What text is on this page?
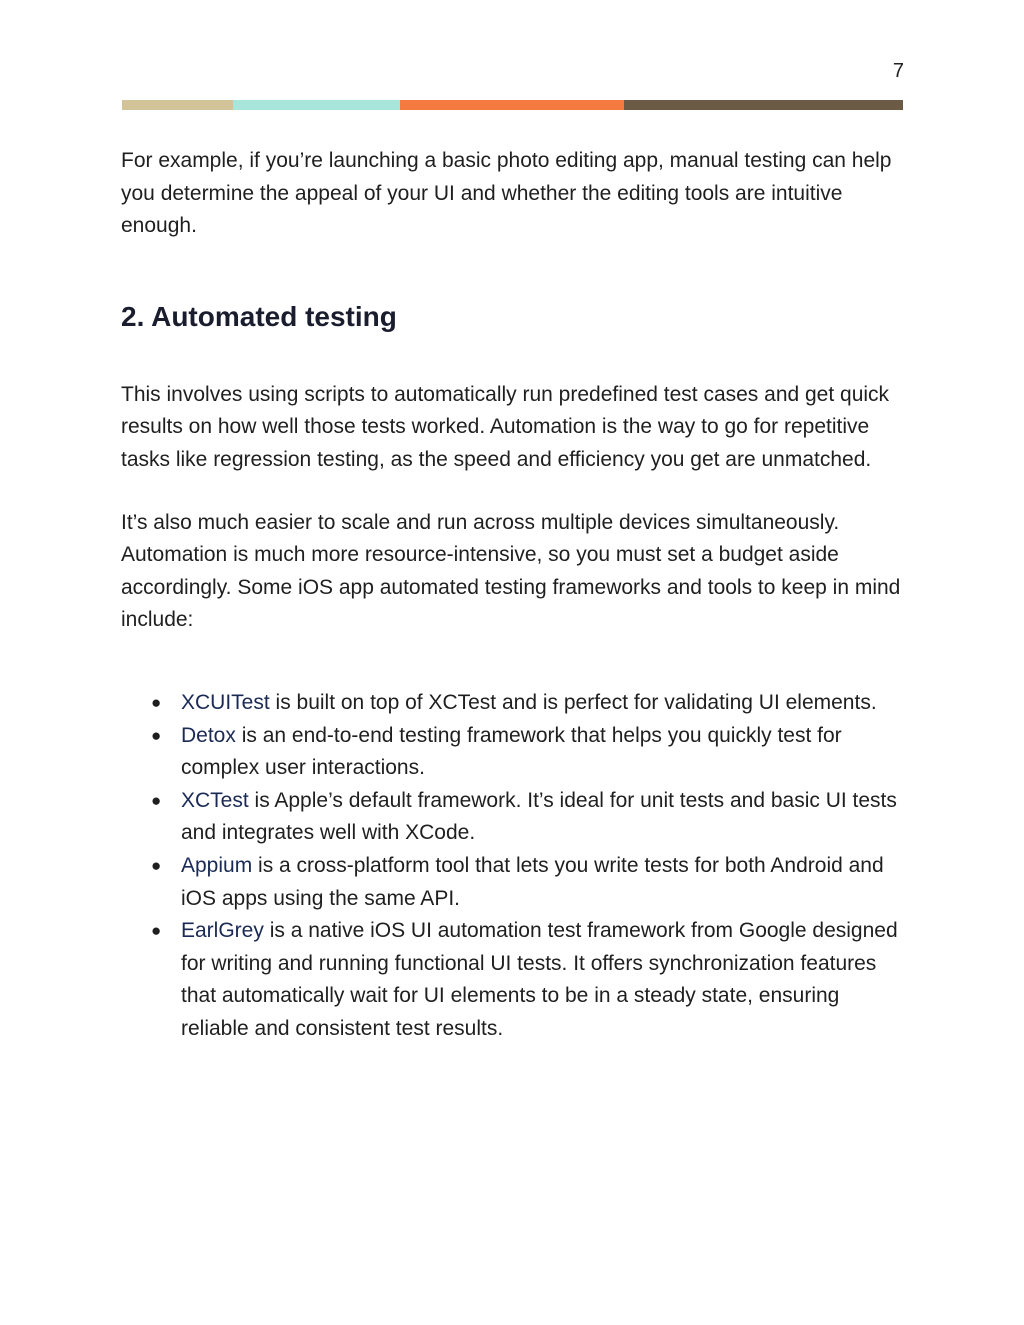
7

For example, if you’re launching a basic photo editing app, manual testing can help you determine the appeal of your UI and whether the editing tools are intuitive enough.

2. Automated testing

This involves using scripts to automatically run predefined test cases and get quick results on how well those tests worked. Automation is the way to go for repetitive tasks like regression testing, as the speed and efficiency you get are unmatched.

It’s also much easier to scale and run across multiple devices simultaneously. Automation is much more resource-intensive, so you must set a budget aside accordingly. Some iOS app automated testing frameworks and tools to keep in mind include:

● XCUITest is built on top of XCTest and is perfect for validating UI elements.
● Detox is an end-to-end testing framework that helps you quickly test for complex user interactions.
● XCTest is Apple’s default framework. It’s ideal for unit tests and basic UI tests and integrates well with XCode.
● Appium is a cross-platform tool that lets you write tests for both Android and iOS apps using the same API.
● EarlGrey is a native iOS UI automation test framework from Google designed for writing and running functional UI tests. It offers synchronization features that automatically wait for UI elements to be in a steady state, ensuring reliable and consistent test results.
